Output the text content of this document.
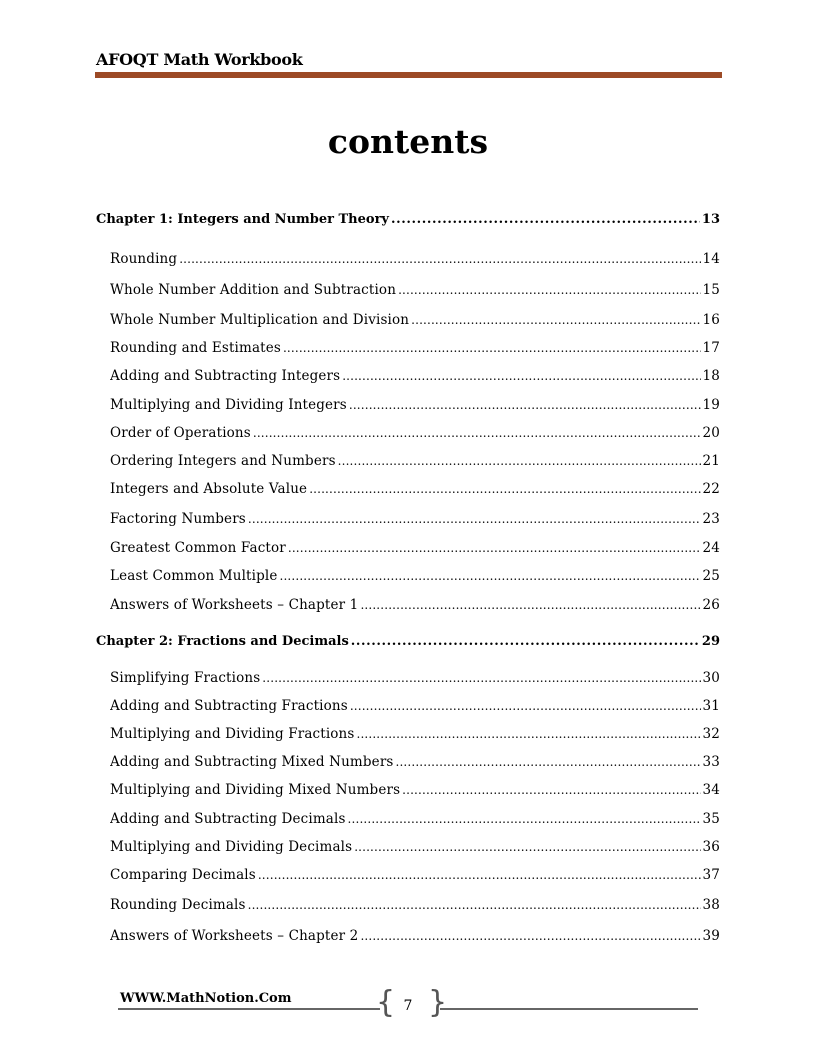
AFOQT Math Workbook
contents
Chapter 1: Integers and Number Theory .....	13
Rounding .....	14
Whole Number Addition and Subtraction .....	15
Whole Number Multiplication and Division .....	16
Rounding and Estimates .....	17
Adding and Subtracting Integers .....	18
Multiplying and Dividing Integers .....	19
Order of Operations .....	20
Ordering Integers and Numbers .....	21
Integers and Absolute Value .....	22
Factoring Numbers .....	23
Greatest Common Factor .....	24
Least Common Multiple .....	25
Answers of Worksheets – Chapter 1 .....	26
Chapter 2: Fractions and Decimals .....	29
Simplifying Fractions .....	30
Adding and Subtracting Fractions .....	31
Multiplying and Dividing Fractions .....	32
Adding and Subtracting Mixed Numbers .....	33
Multiplying and Dividing Mixed Numbers .....	34
Adding and Subtracting Decimals .....	35
Multiplying and Dividing Decimals .....	36
Comparing Decimals .....	37
Rounding Decimals .....	38
Answers of Worksheets – Chapter 2 .....	39
WWW.MathNotion.Com	{ 7 }
